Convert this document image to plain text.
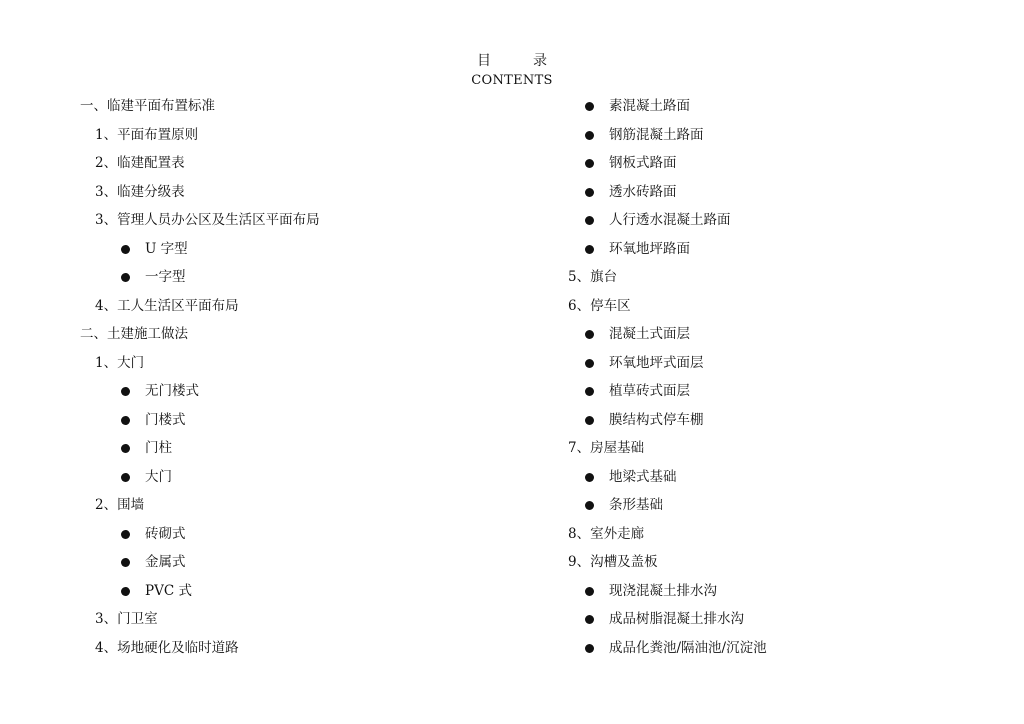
目　录
CONTENTS
一、临建平面布置标准
1、平面布置原则
2、临建配置表
3、临建分级表
3、管理人员办公区及生活区平面布局
U 字型
一字型
4、工人生活区平面布局
二、土建施工做法
1、大门
无门楼式
门楼式
门柱
大门
2、围墙
砖砌式
金属式
PVC 式
3、门卫室
4、场地硬化及临时道路
素混凝土路面
钢筋混凝土路面
钢板式路面
透水砖路面
人行透水混凝土路面
环氧地坪路面
5、旗台
6、停车区
混凝土式面层
环氧地坪式面层
植草砖式面层
膜结构式停车棚
7、房屋基础
地梁式基础
条形基础
8、室外走廊
9、沟槽及盖板
现浇混凝土排水沟
成品树脂混凝土排水沟
成品化粪池/隔油池/沉淀池
